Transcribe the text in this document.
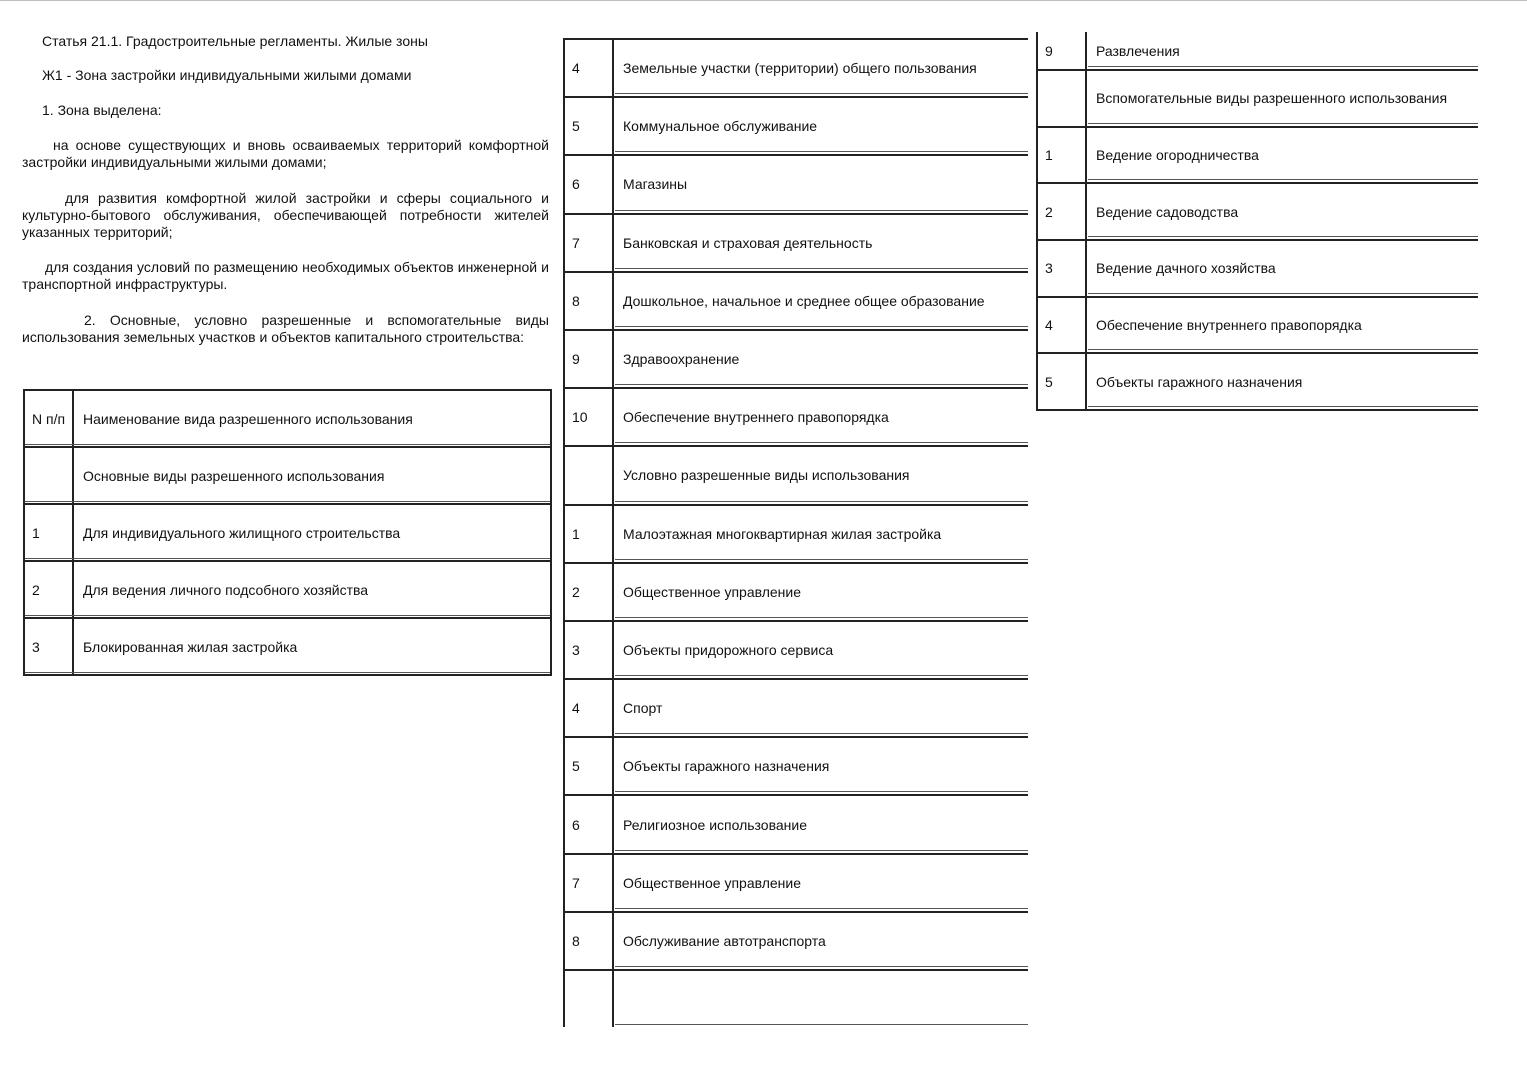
Статья 21.1. Градостроительные регламенты. Жилые зоны

Ж1 - Зона застройки индивидуальными жилыми домами

1. Зона выделена:

на основе существующих и вновь осваиваемых территорий комфортной застройки индивидуальными жилыми домами;

для развития комфортной жилой застройки и сферы социального и культурно-бытового обслуживания, обеспечивающей потребности жителей указанных территорий;

для создания условий по размещению необходимых объектов инженерной и транспортной инфраструктуры.

2. Основные, условно разрешенные и вспомогательные виды использования земельных участков и объектов капитального строительства:

N п/п	Наименование вида разрешенного использования
Основные виды разрешенного использования
1	Для индивидуального жилищного строительства
2	Для ведения личного подсобного хозяйства
3	Блокированная жилая застройка
4	Земельные участки (территории) общего пользования
5	Коммунальное обслуживание
6	Магазины
7	Банковская и страховая деятельность
8	Дошкольное, начальное и среднее общее образование
9	Здравоохранение
10	Обеспечение внутреннего правопорядка
Условно разрешенные виды использования
1	Малоэтажная многоквартирная жилая застройка
2	Общественное управление
3	Объекты придорожного сервиса
4	Спорт
5	Объекты гаражного назначения
6	Религиозное использование
7	Общественное управление
8	Обслуживание автотранспорта
9	Развлечения
Вспомогательные виды разрешенного использования
1	Ведение огородничества
2	Ведение садоводства
3	Ведение дачного хозяйства
4	Обеспечение внутреннего правопорядка
5	Объекты гаражного назначения
